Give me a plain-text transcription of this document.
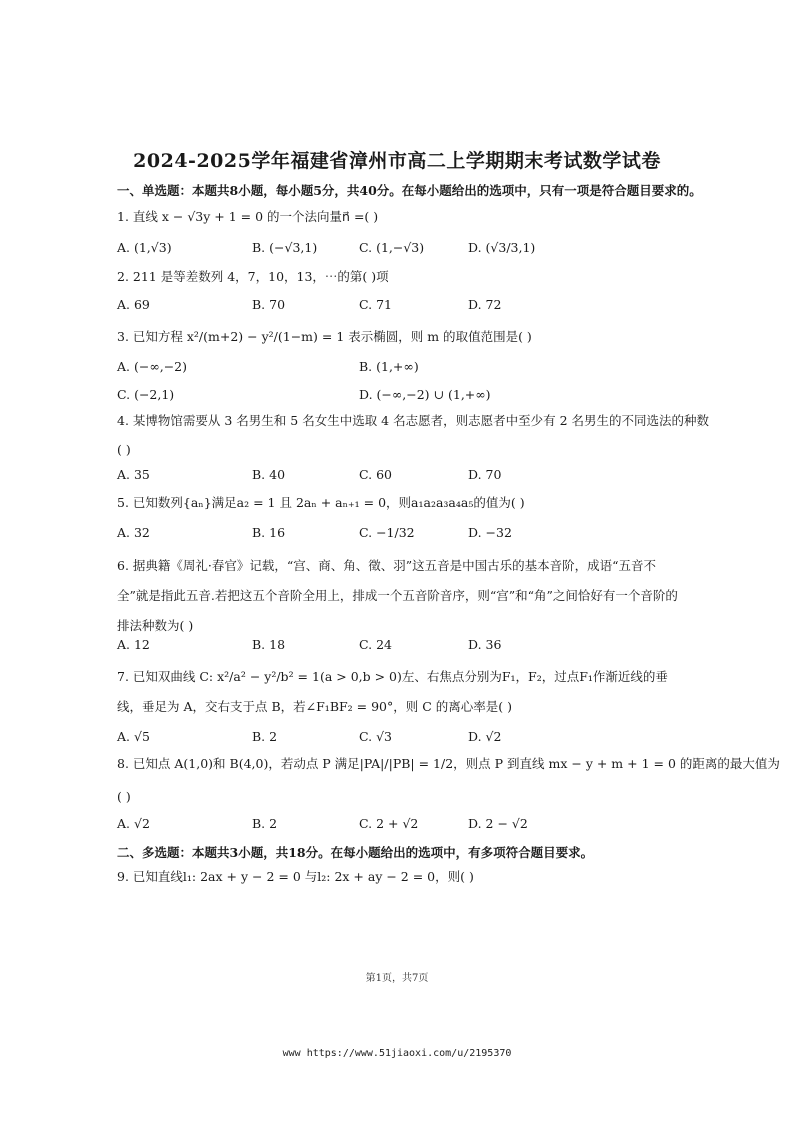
2024-2025学年福建省漳州市高二上学期期末考试数学试卷
一、单选题：本题共8小题，每小题5分，共40分。在每小题给出的选项中，只有一项是符合题目要求的。
1. 直线 x − √3y + 1 = 0 的一个法向量n⃗ =( )
A. (1,√3)	B. (−√3,1)	C. (1,−√3)	D. (√3/3,1)
2. 211 是等差数列 4，7，10，13，⋯的第( )项
A. 69	B. 70	C. 71	D. 72
3. 已知方程 x²/(m+2) − y²/(1−m) = 1 表示椭圆，则 m 的取值范围是( )
A. (−∞,−2)	B. (1,+∞)
C. (−2,1)	D. (−∞,−2) ∪ (1,+∞)
4. 某博物馆需要从 3 名男生和 5 名女生中选取 4 名志愿者，则志愿者中至少有 2 名男生的不同选法的种数
( )
A. 35	B. 40	C. 60	D. 70
5. 已知数列{aₙ}满足a₂ = 1 且 2aₙ + aₙ₊₁ = 0，则a₁a₂a₃a₄a₅的值为( )
A. 32	B. 16	C. −1/32	D. −32
6. 据典籍《周礼·春官》记载，“宫、商、角、徵、羽”这五音是中国古乐的基本音阶，成语“五音不全”就是指此五音.若把这五个音阶全用上，排成一个五音阶音序，则“宫”和“角”之间恰好有一个音阶的排法种数为( )
A. 12	B. 18	C. 24	D. 36
7. 已知双曲线 C: x²/a² − y²/b² = 1(a > 0,b > 0)左、右焦点分别为F₁，F₂，过点F₁作渐近线的垂线，垂足为 A，交右支于点 B，若∠F₁BF₂ = 90°，则 C 的离心率是( )
A. √5	B. 2	C. √3	D. √2
8. 已知点 A(1,0)和 B(4,0)，若动点 P 满足|PA|/|PB| = 1/2，则点 P 到直线 mx − y + m + 1 = 0 的距离的最大值为
( )
A. √2	B. 2	C. 2 + √2	D. 2 − √2
二、多选题：本题共3小题，共18分。在每小题给出的选项中，有多项符合题目要求。
9. 已知直线l₁: 2ax + y − 2 = 0 与l₂: 2x + ay − 2 = 0，则( )
第1页，共7页
www https://www.51jiaoxi.com/u/2195370
